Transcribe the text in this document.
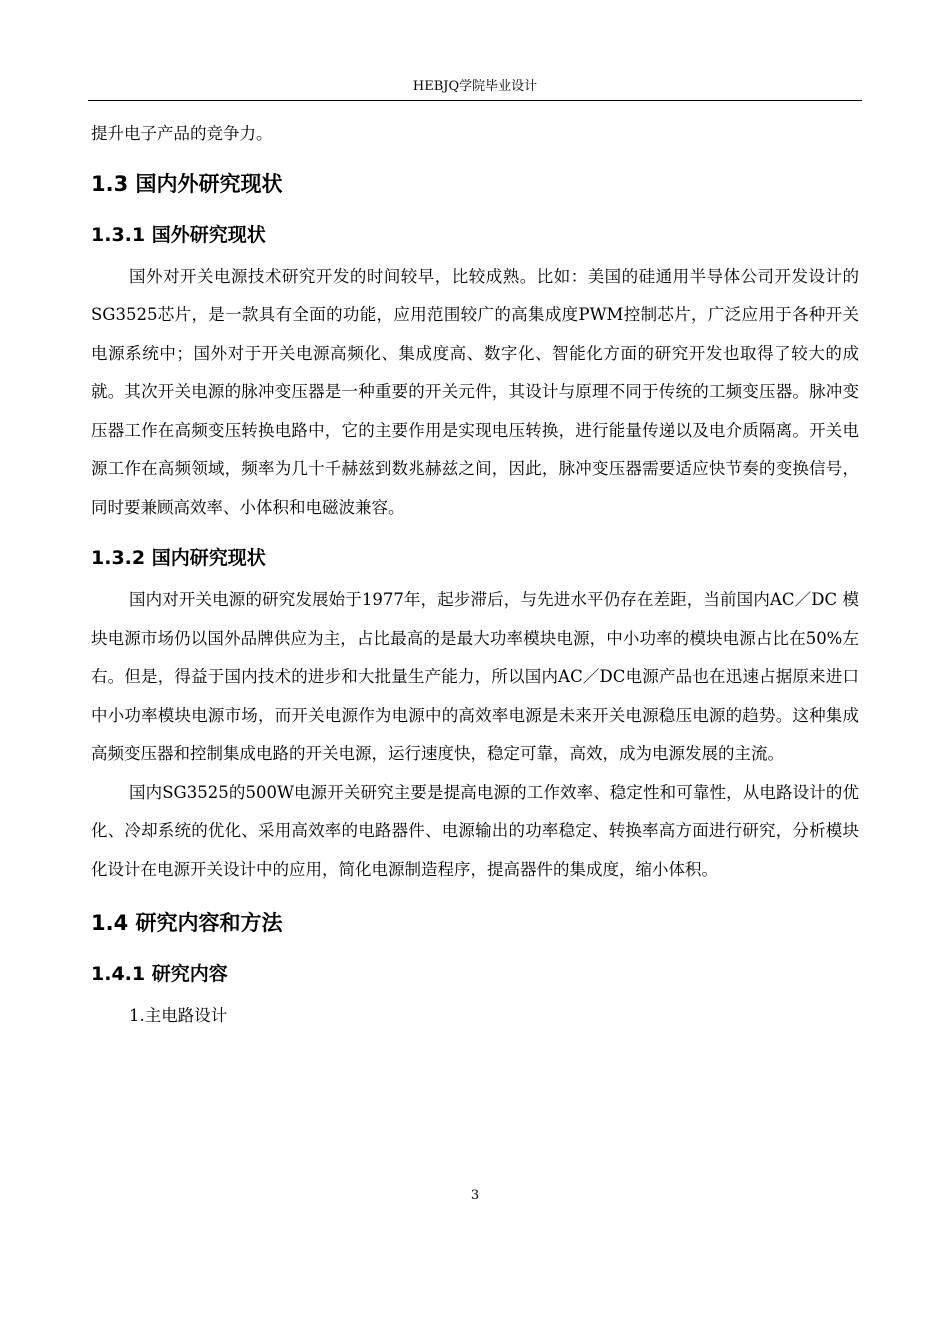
HEBJQ学院毕业设计

提升电子产品的竞争力。

1.3 国内外研究现状
1.3.1 国外研究现状

国外对开关电源技术研究开发的时间较早，比较成熟。比如：美国的硅通用半导体公司开发设计的SG3525芯片，是一款具有全面的功能，应用范围较广的高集成度PWM控制芯片，广泛应用于各种开关电源系统中；国外对于开关电源高频化、集成度高、数字化、智能化方面的研究开发也取得了较大的成就。其次开关电源的脉冲变压器是一种重要的开关元件，其设计与原理不同于传统的工频变压器。脉冲变压器工作在高频变压转换电路中，它的主要作用是实现电压转换，进行能量传递以及电介质隔离。开关电源工作在高频领域，频率为几十千赫兹到数兆赫兹之间，因此，脉冲变压器需要适应快节奏的变换信号，同时要兼顾高效率、小体积和电磁波兼容。

1.3.2 国内研究现状

国内对开关电源的研究发展始于1977年，起步滞后，与先进水平仍存在差距，当前国内AC／DC 模块电源市场仍以国外品牌供应为主，占比最高的是最大功率模块电源，中小功率的模块电源占比在50%左右。但是，得益于国内技术的进步和大批量生产能力，所以国内AC／DC电源产品也在迅速占据原来进口中小功率模块电源市场，而开关电源作为电源中的高效率电源是未来开关电源稳压电源的趋势。这种集成高频变压器和控制集成电路的开关电源，运行速度快，稳定可靠，高效，成为电源发展的主流。

国内SG3525的500W电源开关研究主要是提高电源的工作效率、稳定性和可靠性，从电路设计的优化、冷却系统的优化、采用高效率的电路器件、电源输出的功率稳定、转换率高方面进行研究，分析模块化设计在电源开关设计中的应用，简化电源制造程序，提高器件的集成度，缩小体积。

1.4 研究内容和方法
1.4.1 研究内容

1.主电路设计

3
